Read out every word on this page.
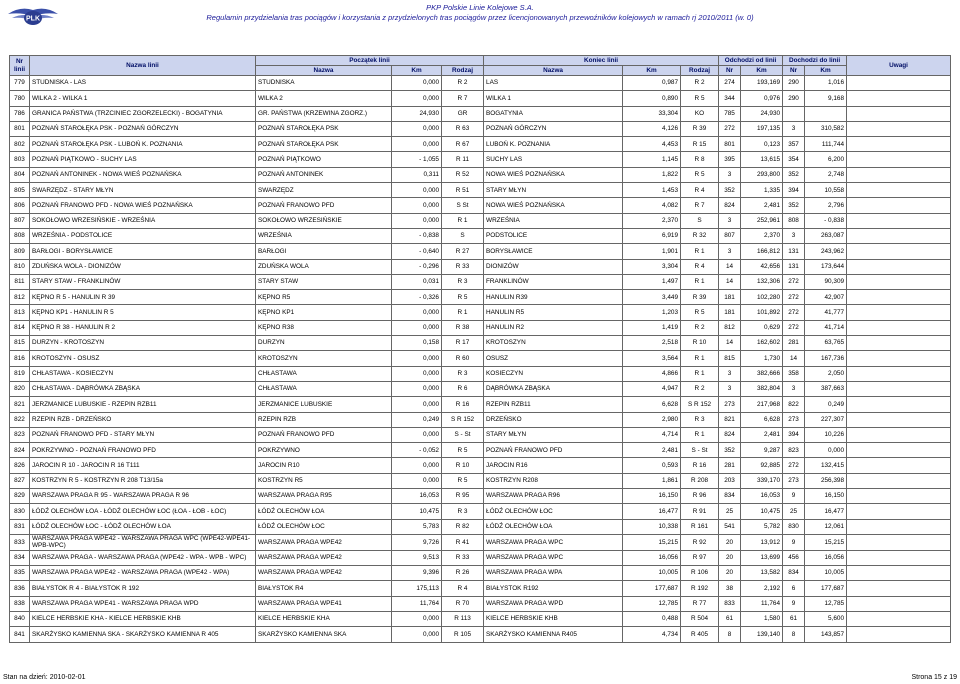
PLK
PKP Polskie Linie Kolejowe S.A.
Regulamin przydzielania tras pociągów i korzystania z przydzielonych tras pociągów przez licencjonowanych przewoźników kolejowych w ramach rj 2010/2011 (w. 0)
Nr linii	Nazwa linii	Początek linii			Koniec linii			Odchodzi od linii		Dochodzi do linii		Uwagi
		Nazwa	Km	Rodzaj	Nazwa	Km	Rodzaj	Nr	Km	Nr	Km	
779	STUDNISKA - LAS	STUDNISKA	0,000	R 2	LAS	0,987	R 2	274	193,169	290	1,016	
780	WILKA 2 - WILKA 1	WILKA 2	0,000	R 7	WILKA 1	0,890	R 5	344	0,976	290	9,168	
786	GRANICA PAŃSTWA (TRZCINIEC ZGORZELECKI) - BOGATYNIA	GR. PAŃSTWA (KRZEWINA ZGORZ.)	24,930	GR	BOGATYNIA	33,304	KO	785	24,930			
801	POZNAŃ STAROŁĘKA PSK - POZNAŃ GÓRCZYN	POZNAŃ STAROŁĘKA PSK	0,000	R 63	POZNAŃ GÓRCZYN	4,126	R 39	272	197,135	3	310,582	
802	POZNAŃ STAROŁĘKA PSK - LUBOŃ K. POZNANIA	POZNAŃ STAROŁĘKA PSK	0,000	R 67	LUBOŃ K. POZNANIA	4,453	R 15	801	0,123	357	111,744	
803	POZNAŃ PIĄTKOWO - SUCHY LAS	POZNAŃ PIĄTKOWO	- 1,055	R 11	SUCHY LAS	1,145	R 8	395	13,615	354	6,200	
804	POZNAŃ ANTONINEK - NOWA WIEŚ POZNAŃSKA	POZNAŃ ANTONINEK	0,311	R 52	NOWA WIEŚ POZNAŃSKA	1,822	R 5	3	293,800	352	2,748	
805	SWARZĘDZ - STARY MŁYN	SWARZĘDZ	0,000	R 51	STARY MŁYN	1,453	R 4	352	1,335	394	10,558	
806	POZNAŃ FRANOWO PFD - NOWA WIEŚ POZNAŃSKA	POZNAŃ FRANOWO PFD	0,000	S St	NOWA WIEŚ POZNAŃSKA	4,082	R 7	824	2,481	352	2,796	
807	SOKOŁOWO WRZESIŃSKIE - WRZEŚNIA	SOKOŁOWO WRZESIŃSKIE	0,000	R 1	WRZEŚNIA	2,370	S	3	252,961	808	- 0,838	
808	WRZEŚNIA - PODSTOLICE	WRZEŚNIA	- 0,838	S	PODSTOLICE	6,919	R 32	807	2,370	3	263,087	
809	BARŁOGI - BORYSŁAWICE	BARŁOGI	- 0,640	R 27	BORYSŁAWICE	1,901	R 1	3	166,812	131	243,962	
810	ZDUŃSKA WOLA - DIONIZÓW	ZDUŃSKA WOLA	- 0,296	R 33	DIONIZÓW	3,304	R 4	14	42,656	131	173,644	
811	STARY STAW - FRANKLINÓW	STARY STAW	0,031	R 3	FRANKLINÓW	1,497	R 1	14	132,306	272	90,309	
812	KĘPNO R 5 - HANULIN R 39	KĘPNO R5	- 0,326	R 5	HANULIN R39	3,449	R 39	181	102,280	272	42,907	
813	KĘPNO KP1 - HANULIN R 5	KĘPNO KP1	0,000	R 1	HANULIN R5	1,203	R 5	181	101,892	272	41,777	
814	KĘPNO R 38 - HANULIN R 2	KĘPNO R38	0,000	R 38	HANULIN R2	1,419	R 2	812	0,629	272	41,714	
815	DURZYN - KROTOSZYN	DURZYN	0,158	R 17	KROTOSZYN	2,518	R 10	14	162,602	281	63,765	
816	KROTOSZYN - OSUSZ	KROTOSZYN	0,000	R 60	OSUSZ	3,564	R 1	815	1,730	14	167,736	
819	CHŁASTAWA - KOSIECZYN	CHŁASTAWA	0,000	R 3	KOSIECZYN	4,866	R 1	3	382,666	358	2,050	
820	CHŁASTAWA - DĄBRÓWKA ZBĄSKA	CHŁASTAWA	0,000	R 6	DĄBRÓWKA ZBĄSKA	4,947	R 2	3	382,804	3	387,663	
821	JERZMANICE LUBUSKIE - RZEPIN RZB11	JERZMANICE LUBUSKIE	0,000	R 16	RZEPIN RZB11	6,628	S R 152	273	217,968	822	0,249	
822	RZEPIN RZB - DRZEŃSKO	RZEPIN RZB	0,249	S R 152	DRZEŃSKO	2,980	R 3	821	6,628	273	227,307	
823	POZNAŃ FRANOWO PFD - STARY MŁYN	POZNAŃ FRANOWO PFD	0,000	S - St	STARY MŁYN	4,714	R 1	824	2,481	394	10,226	
824	POKRZYWNO - POZNAŃ FRANOWO PFD	POKRZYWNO	- 0,052	R 5	POZNAŃ FRANOWO PFD	2,481	S - St	352	9,287	823	0,000	
826	JAROCIN R 10 - JAROCIN R 16 T111	JAROCIN R10	0,000	R 10	JAROCIN R16	0,593	R 16	281	92,885	272	132,415	
827	KOSTRZYN R 5 - KOSTRZYN R 208 T13/15a	KOSTRZYN R5	0,000	R 5	KOSTRZYN R208	1,861	R 208	203	339,170	273	256,398	
829	WARSZAWA PRAGA R 95 - WARSZAWA PRAGA R 96	WARSZAWA PRAGA R95	16,053	R 95	WARSZAWA PRAGA R96	16,150	R 96	834	16,053	9	16,150	
830	ŁÓDŹ OLECHÓW ŁOA - ŁÓDŹ OLECHÓW ŁOC (ŁOA - ŁOB - ŁOC)	ŁÓDŹ OLECHÓW ŁOA	10,475	R 3	ŁÓDŹ OLECHÓW ŁOC	16,477	R 91	25	10,475	25	16,477	
831	ŁÓDŹ OLECHÓW ŁOC - ŁÓDŹ OLECHÓW ŁOA	ŁÓDŹ OLECHÓW ŁOC	5,783	R 82	ŁÓDŹ OLECHÓW ŁOA	10,338	R 161	541	5,782	830	12,061	
833	WARSZAWA PRAGA WPE42 - WARSZAWA PRAGA WPC (WPE42-WPE41-WPB-WPC)	WARSZAWA PRAGA WPE42	9,726	R 41	WARSZAWA PRAGA WPC	15,215	R 92	20	13,912	9	15,215	
834	WARSZAWA PRAGA - WARSZAWA PRAGA (WPE42 - WPA - WPB - WPC)	WARSZAWA PRAGA WPE42	9,513	R 33	WARSZAWA PRAGA WPC	16,056	R 97	20	13,699	456	16,056	
835	WARSZAWA PRAGA WPE42 - WARSZAWA PRAGA (WPE42 - WPA)	WARSZAWA PRAGA WPE42	9,396	R 26	WARSZAWA PRAGA WPA	10,005	R 106	20	13,582	834	10,005	
836	BIAŁYSTOK R 4 - BIAŁYSTOK R 192	BIAŁYSTOK R4	175,113	R 4	BIAŁYSTOK R192	177,687	R 192	38	2,192	6	177,687	
838	WARSZAWA PRAGA WPE41 - WARSZAWA PRAGA WPD	WARSZAWA PRAGA WPE41	11,764	R 70	WARSZAWA PRAGA WPD	12,785	R 77	833	11,764	9	12,785	
840	KIELCE HERBSKIE KHA - KIELCE HERBSKIE KHB	KIELCE HERBSKIE KHA	0,000	R 113	KIELCE HERBSKIE KHB	0,488	R 504	61	1,580	61	5,600	
841	SKARŻYSKO KAMIENNA SKA - SKARŻYSKO KAMIENNA R 405	SKARŻYSKO KAMIENNA SKA	0,000	R 105	SKARŻYSKO KAMIENNA R405	4,734	R 405	8	139,140	8	143,857	
Stan na dzień: 2010-02-01	Strona 15 z 19
